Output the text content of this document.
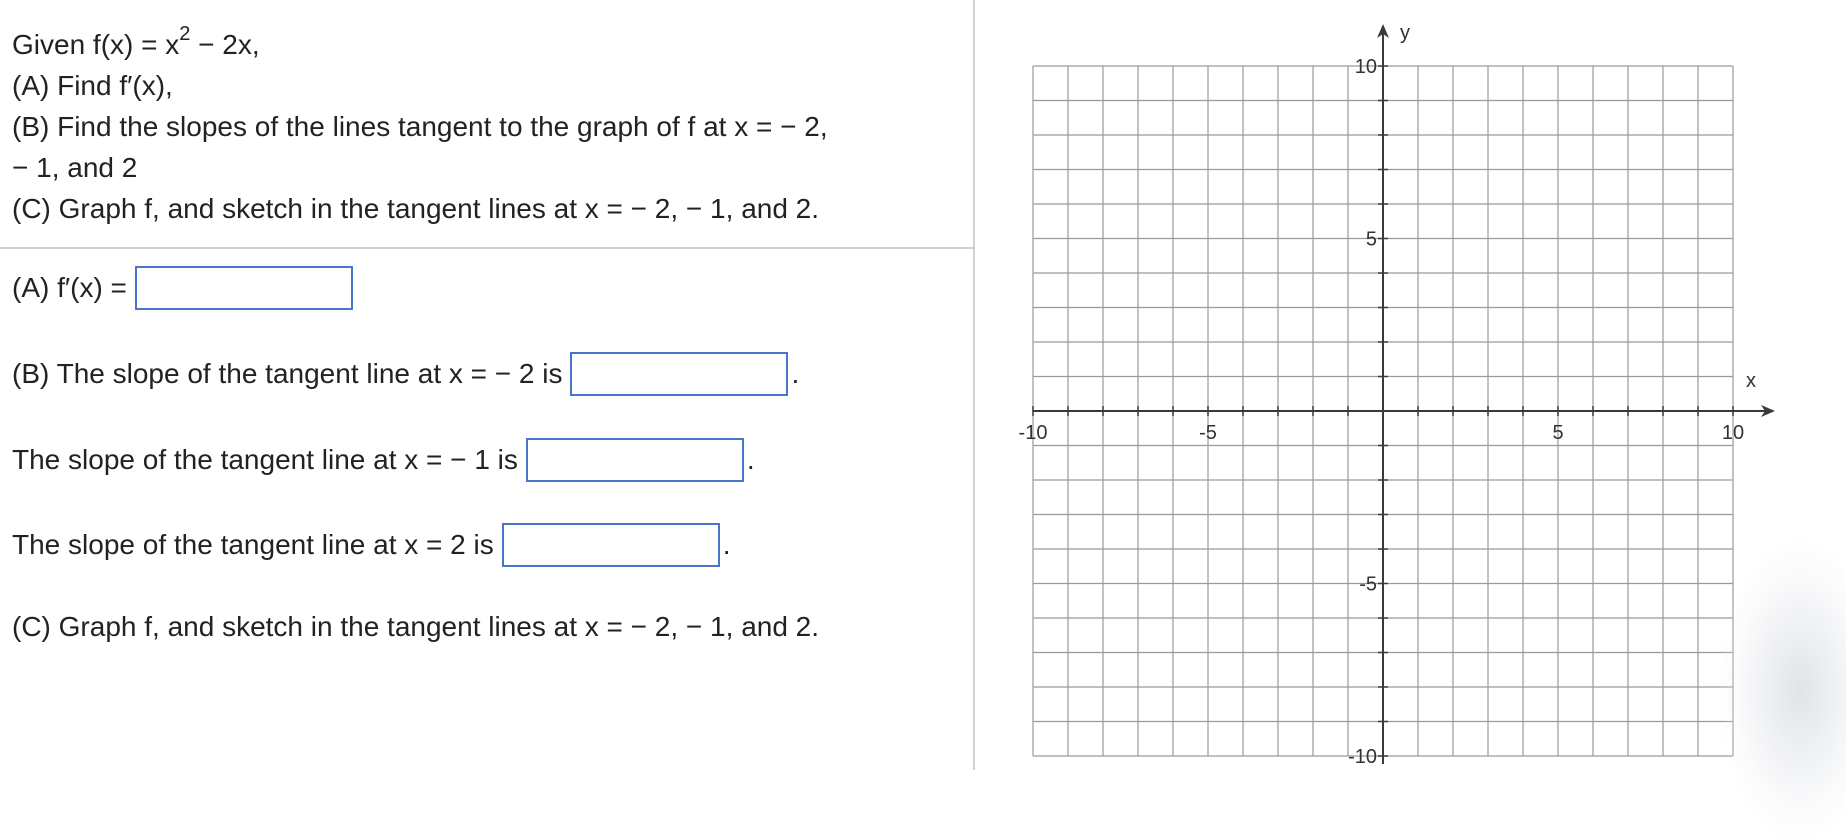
Given $f(x) = x^2 - 2x$,
(A) Find f′(x),
(B) Find the slopes of the lines tangent to the graph of f at x = − 2,
− 1, and 2
(C) Graph f, and sketch in the tangent lines at x = − 2, − 1, and 2.
(A) f′(x) =
(B) The slope of the tangent line at x = − 2 is	.
The slope of the tangent line at x = − 1 is	.
The slope of the tangent line at x = 2 is	.
(C) Graph f, and sketch in the tangent lines at x = − 2, − 1, and 2.
-10	-5	5	10
10
5
-5
-10
x
y
